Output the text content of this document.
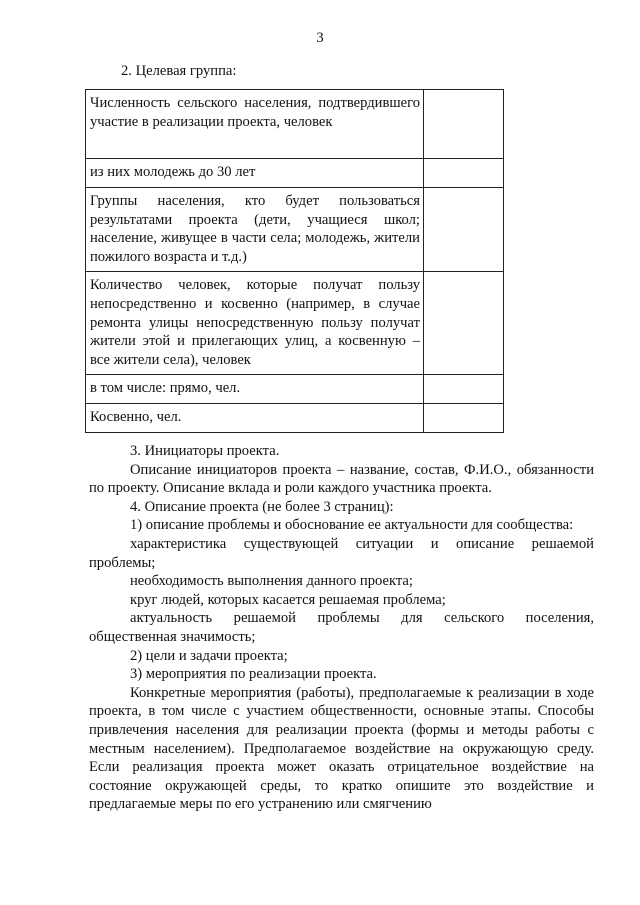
3
2. Целевая группа:
Численность сельского населения, подтвердившего участие в реализации проекта, человек	
из них молодежь до 30 лет	
Группы населения, кто будет пользоваться результатами проекта (дети, учащиеся школ; население, живущее в части села; молодежь, жители пожилого возраста и т.д.)	
Количество человек, которые получат пользу непосредственно и косвенно (например, в случае ремонта улицы непосредственную пользу получат жители этой и прилегающих улиц, а косвенную – все жители села), человек	
в том числе: прямо, чел.	
Косвенно, чел.	

3. Инициаторы проекта.

Описание инициаторов проекта – название, состав, Ф.И.О., обязанности по проекту. Описание вклада и роли каждого участника проекта.

4. Описание проекта (не более 3 страниц):

1) описание проблемы и обоснование ее актуальности для сообщества:

характеристика существующей ситуации и описание решаемой проблемы;

необходимость выполнения данного проекта;

круг людей, которых касается решаемая проблема;

актуальность решаемой проблемы для сельского поселения, общественная значимость;

2) цели и задачи проекта;

3) мероприятия по реализации проекта.

Конкретные мероприятия (работы), предполагаемые к реализации в ходе проекта, в том числе с участием общественности, основные этапы. Способы привлечения населения для реализации проекта (формы и методы работы с местным населением). Предполагаемое воздействие на окружающую среду. Если реализация проекта может оказать отрицательное воздействие на состояние окружающей среды, то кратко опишите это воздействие и предлагаемые меры по его устранению или смягчению
